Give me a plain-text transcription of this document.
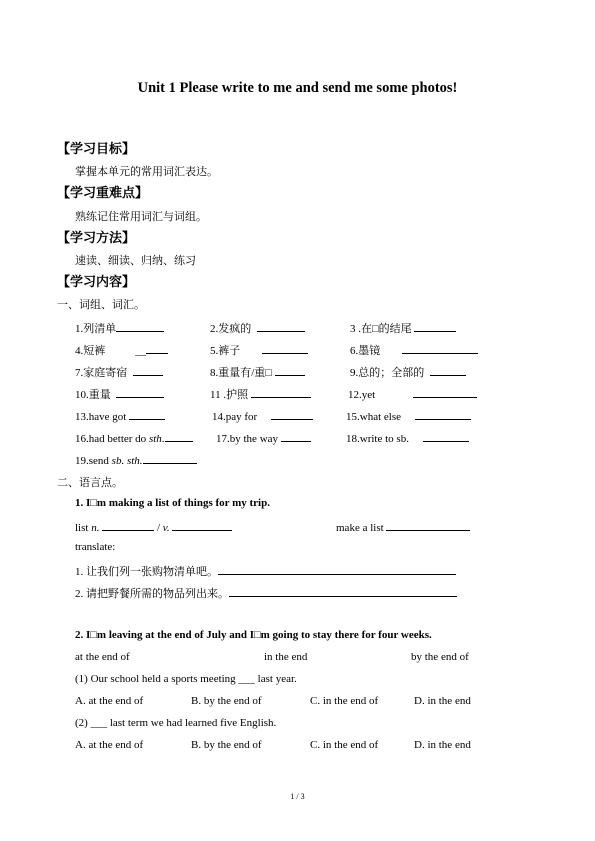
Unit 1 Please write to me and send me some photos!
【学习目标】
掌握本单元的常用词汇表达。
【学习重难点】
熟练记住常用词汇与词组。
【学习方法】
速读、细读、归纳、练习
【学习内容】
一、词组、词汇。
1.列清单	2.发疯的	3 .在□的结尾
4.短裤	__	5.裤子	6.墨镜
7.家庭寄宿	8.重量有/重□	9.总的；全部的
10.重量	11 .护照	12.yet
13.have got	14.pay for	15.what else
16.had better do sth.	17.by the way	18.write to sb.
19.send sb. sth.
二、语言点。
1. I□m making a list of things for my trip.
list n.	/ v.	make a list
translate:
1. 让我们列一张购物清单吧。
2. 请把野餐所需的物品列出来。
2. I□m leaving at the end of July and I□m going to stay there for four weeks.
at the end of	in the end	by the end of
(1) Our school held a sports meeting ___ last year.
A. at the end of	B. by the end of	C. in the end of	D. in the end
(2) ___ last term we had learned five English.
A. at the end of	B. by the end of	C. in the end of	D. in the end
1 / 3
